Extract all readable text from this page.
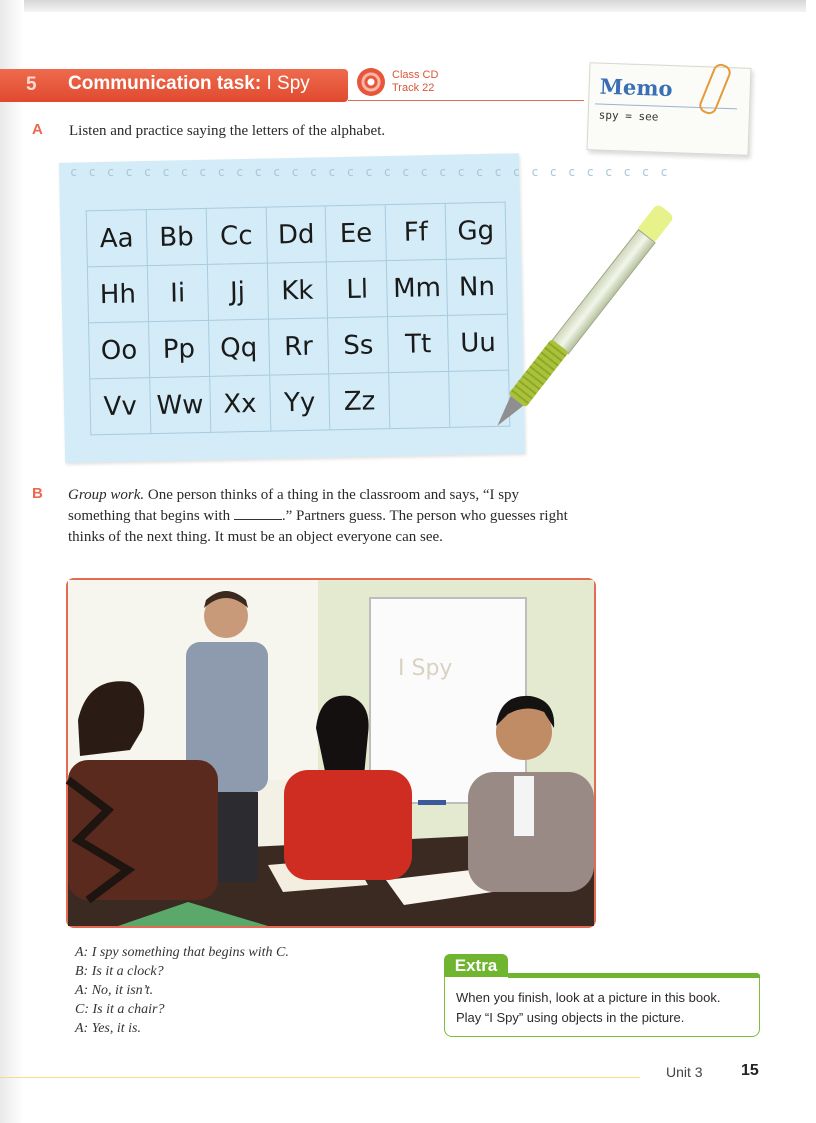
5 Communication task: I Spy	Class CD
Track 22	Memo
spy = see
A Listen and practice saying the letters of the alphabet.
c c c c c c c c c c c c c c c c c c c c c c c c c c c c c c c c c
Aa	Bb	Cc	Dd	Ee	Ff	Gg
Hh	Ii	Jj	Kk	Ll	Mm	Nn
Oo	Pp	Qq	Rr	Ss	Tt	Uu
Vv	Ww	Xx	Yy	Zz		
B Group work. One person thinks of a thing in the classroom and says, “I spy
something that begins with	.” Partners guess. The person who guesses right
thinks of the next thing. It must be an object everyone can see.
I Spy
A: I spy something that begins with C.
B: Is it a clock?
A: No, it isn’t.
C: Is it a chair?
A: Yes, it is.
Extra
When you finish, look at a picture in this book.
Play “I Spy” using objects in the picture.
Unit 3 15
